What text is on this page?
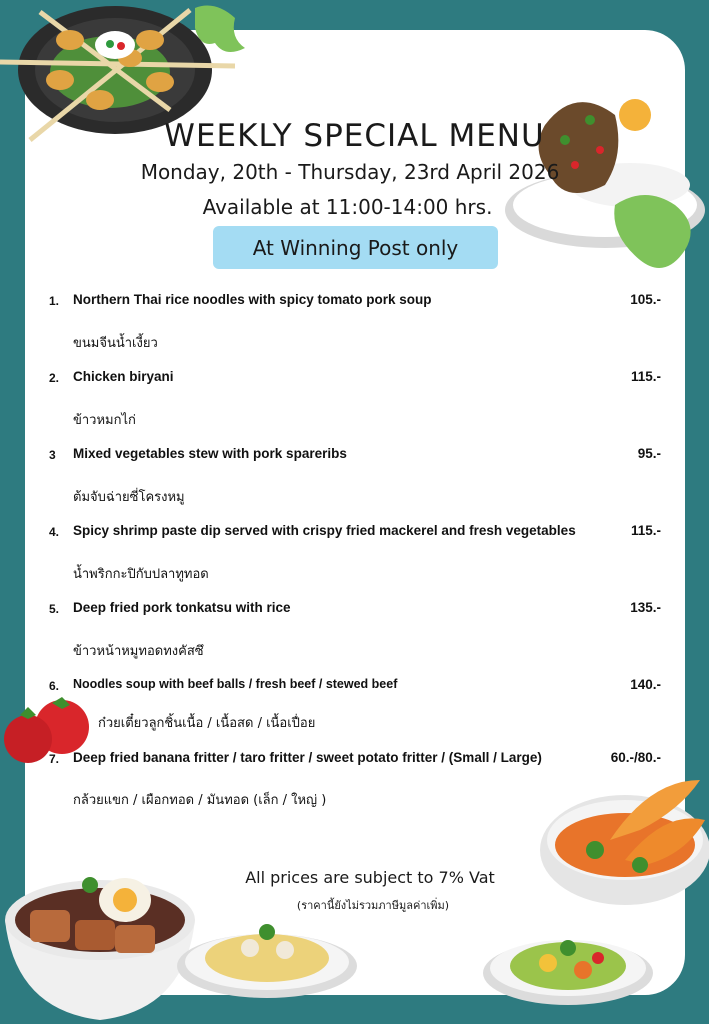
WEEKLY SPECIAL MENU
Monday, 20th - Thursday, 23rd April 2026
Available at 11:00-14:00 hrs.
At Winning Post only
1. Northern Thai rice noodles with spicy tomato pork soup	105.-
ขนมจีนน้ำเงี้ยว
2. Chicken biryani	115.-
ข้าวหมกไก่
3 Mixed vegetables stew with pork spareribs	95.-
ต้มจับฉ่ายซี่โครงหมู
4. Spicy shrimp paste dip served with crispy fried mackerel and fresh vegetables	115.-
น้ำพริกกะปิกับปลาทูทอด
5. Deep fried pork tonkatsu with rice	135.-
ข้าวหน้าหมูทอดทงคัสซึ
6. Noodles soup with beef balls / fresh beef / stewed beef	140.-
ก๋วยเตี๋ยวลูกชิ้นเนื้อ / เนื้อสด / เนื้อเปื่อย
7. Deep fried banana fritter / taro fritter / sweet potato fritter / (Small / Large)	60.-/80.-
กล้วยแขก / เผือกทอด / มันทอด (เล็ก / ใหญ่ )
All prices are subject to 7% Vat
(ราคานี้ยังไม่รวมภาษีมูลค่าเพิ่ม)
